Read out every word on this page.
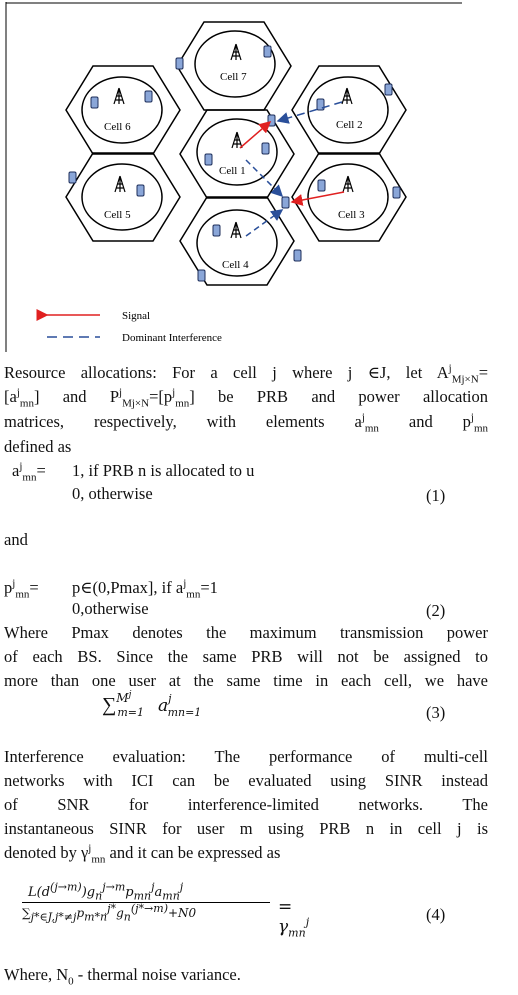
Cell 7
Cell 6	Cell 2
Cell 1
Cell 5	Cell 3
Cell 4
Signal
Dominant Interference
Resource allocations: For a cell j where j ∈J, let $A^j_{Mj\times N}=$
$[a^j_{mn}]$ and $P^j_{Mj\times N}=[p^j_{mn}]$ be PRB and power allocation
matrices, respectively, with elements $a^j_{mn}$ and $p^j_{mn}$
defined as
$a^j_{mn}= 1$, if PRB n is allocated to u
0, otherwise	(1)
and
$p^j_{mn}=$ p∈(0,Pmax], if $a^j_{mn}=1$
0,otherwise	(2)
Where Pmax denotes the maximum transmission power
of each BS. Since the same PRB will not be assigned to
more than one user at the same time in each cell, we have
∑$^{Mj}_{m=1}$ $a^j_{mn=1}$	(3)
Interference evaluation: The performance of multi-cell
networks with ICI can be evaluated using SINR instead
of SNR for interference-limited networks. The
instantaneous SINR for user m using PRB n in cell j is
denoted by $\gamma^j_{mn}$ and it can be expressed as
$L(d^{(j\to m)})g_n^{j\to m}p_{mn}^ja_{mn}^j$
$\sum_{j*\in J,j*\ne j}p_{m*n}^{j*}g_n^{(j*\to m)}+N0$	= $\gamma_{mn}^j$	(4)
Where, $N_0$ - thermal noise variance.
